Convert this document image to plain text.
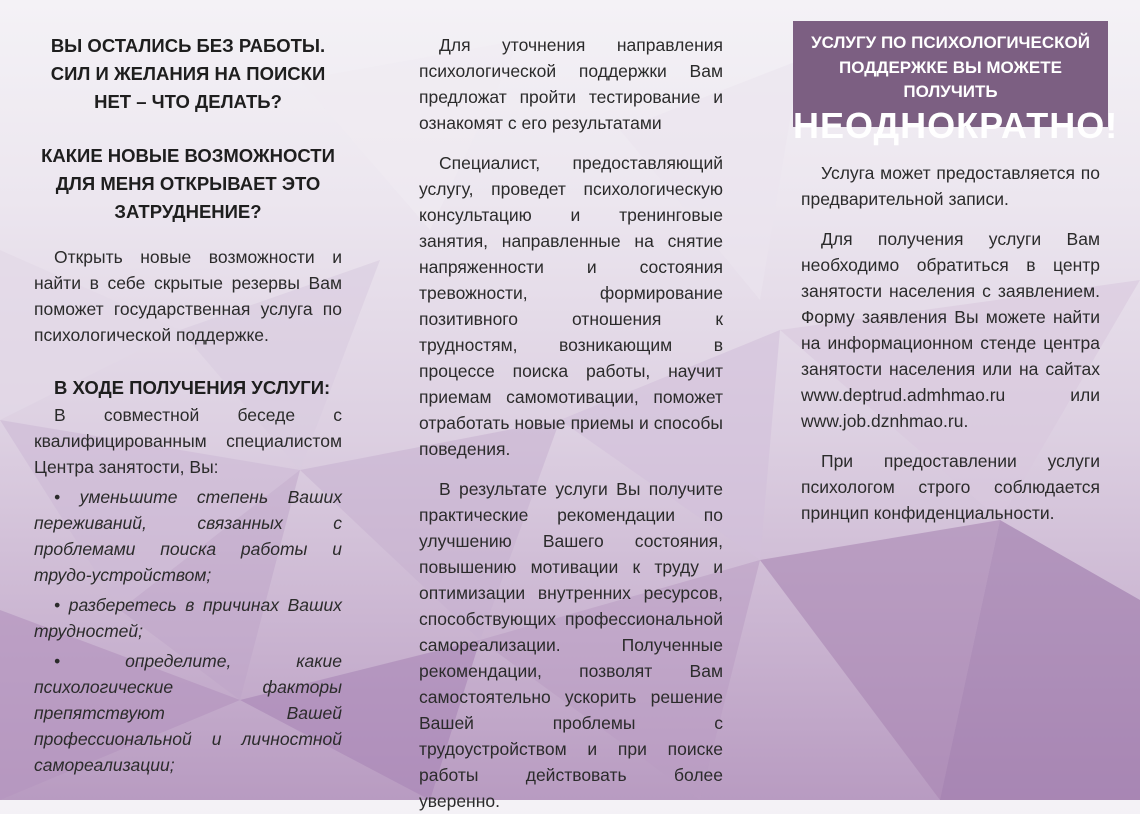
ВЫ ОСТАЛИСЬ БЕЗ РАБОТЫ. СИЛ И ЖЕЛАНИЯ НА ПОИСКИ НЕТ – ЧТО ДЕЛАТЬ?
КАКИЕ НОВЫЕ ВОЗМОЖНОСТИ ДЛЯ МЕНЯ ОТКРЫВАЕТ ЭТО ЗАТРУДНЕНИЕ?

Открыть новые возможности и найти в себе скрытые резервы Вам поможет государственная услуга по психологической поддержке.

В ХОДЕ ПОЛУЧЕНИЯ УСЛУГИ:

В совместной беседе с квалифицированным специалистом Центра занятости, Вы:

• уменьшите степень Ваших переживаний, связанных с проблемами поиска работы и трудо-устройством;
• разберетесь в причинах Ваших трудностей;
• определите, какие психологические факторы препятствуют Вашей профессиональной и личностной самореализации;

Для уточнения направления психологической поддержки Вам предложат пройти тестирование и ознакомят с его результатами

Специалист, предоставляющий услугу, проведет психологическую консультацию и тренинговые занятия, направленные на снятие напряженности и состояния тревожности, формирование позитивного отношения к трудностям, возникающим в процессе поиска работы, научит приемам самомотивации, поможет отработать новые приемы и способы поведения.

В результате услуги Вы получите практические рекомендации по улучшению Вашего состояния, повышению мотивации к труду и оптимизации внутренних ресурсов, способствующих профессиональной самореализации. Полученные рекомендации, позволят Вам самостоятельно ускорить решение Вашей проблемы с трудоустройством и при поиске работы действовать более уверенно.

УСЛУГУ ПО ПСИХОЛОГИЧЕСКОЙ
ПОДДЕРЖКЕ ВЫ МОЖЕТЕ ПОЛУЧИТЬ
НЕОДНОКРАТНО!

Услуга может предоставляется по предварительной записи.

Для получения услуги Вам необходимо обратиться в центр занятости населения с заявлением. Форму заявления Вы можете найти на информационном стенде центра занятости населения или на сайтах www.deptrud.admhmao.ru или www.job.dznhmao.ru.

При предоставлении услуги психологом строго соблюдается принцип конфиденциальности.
